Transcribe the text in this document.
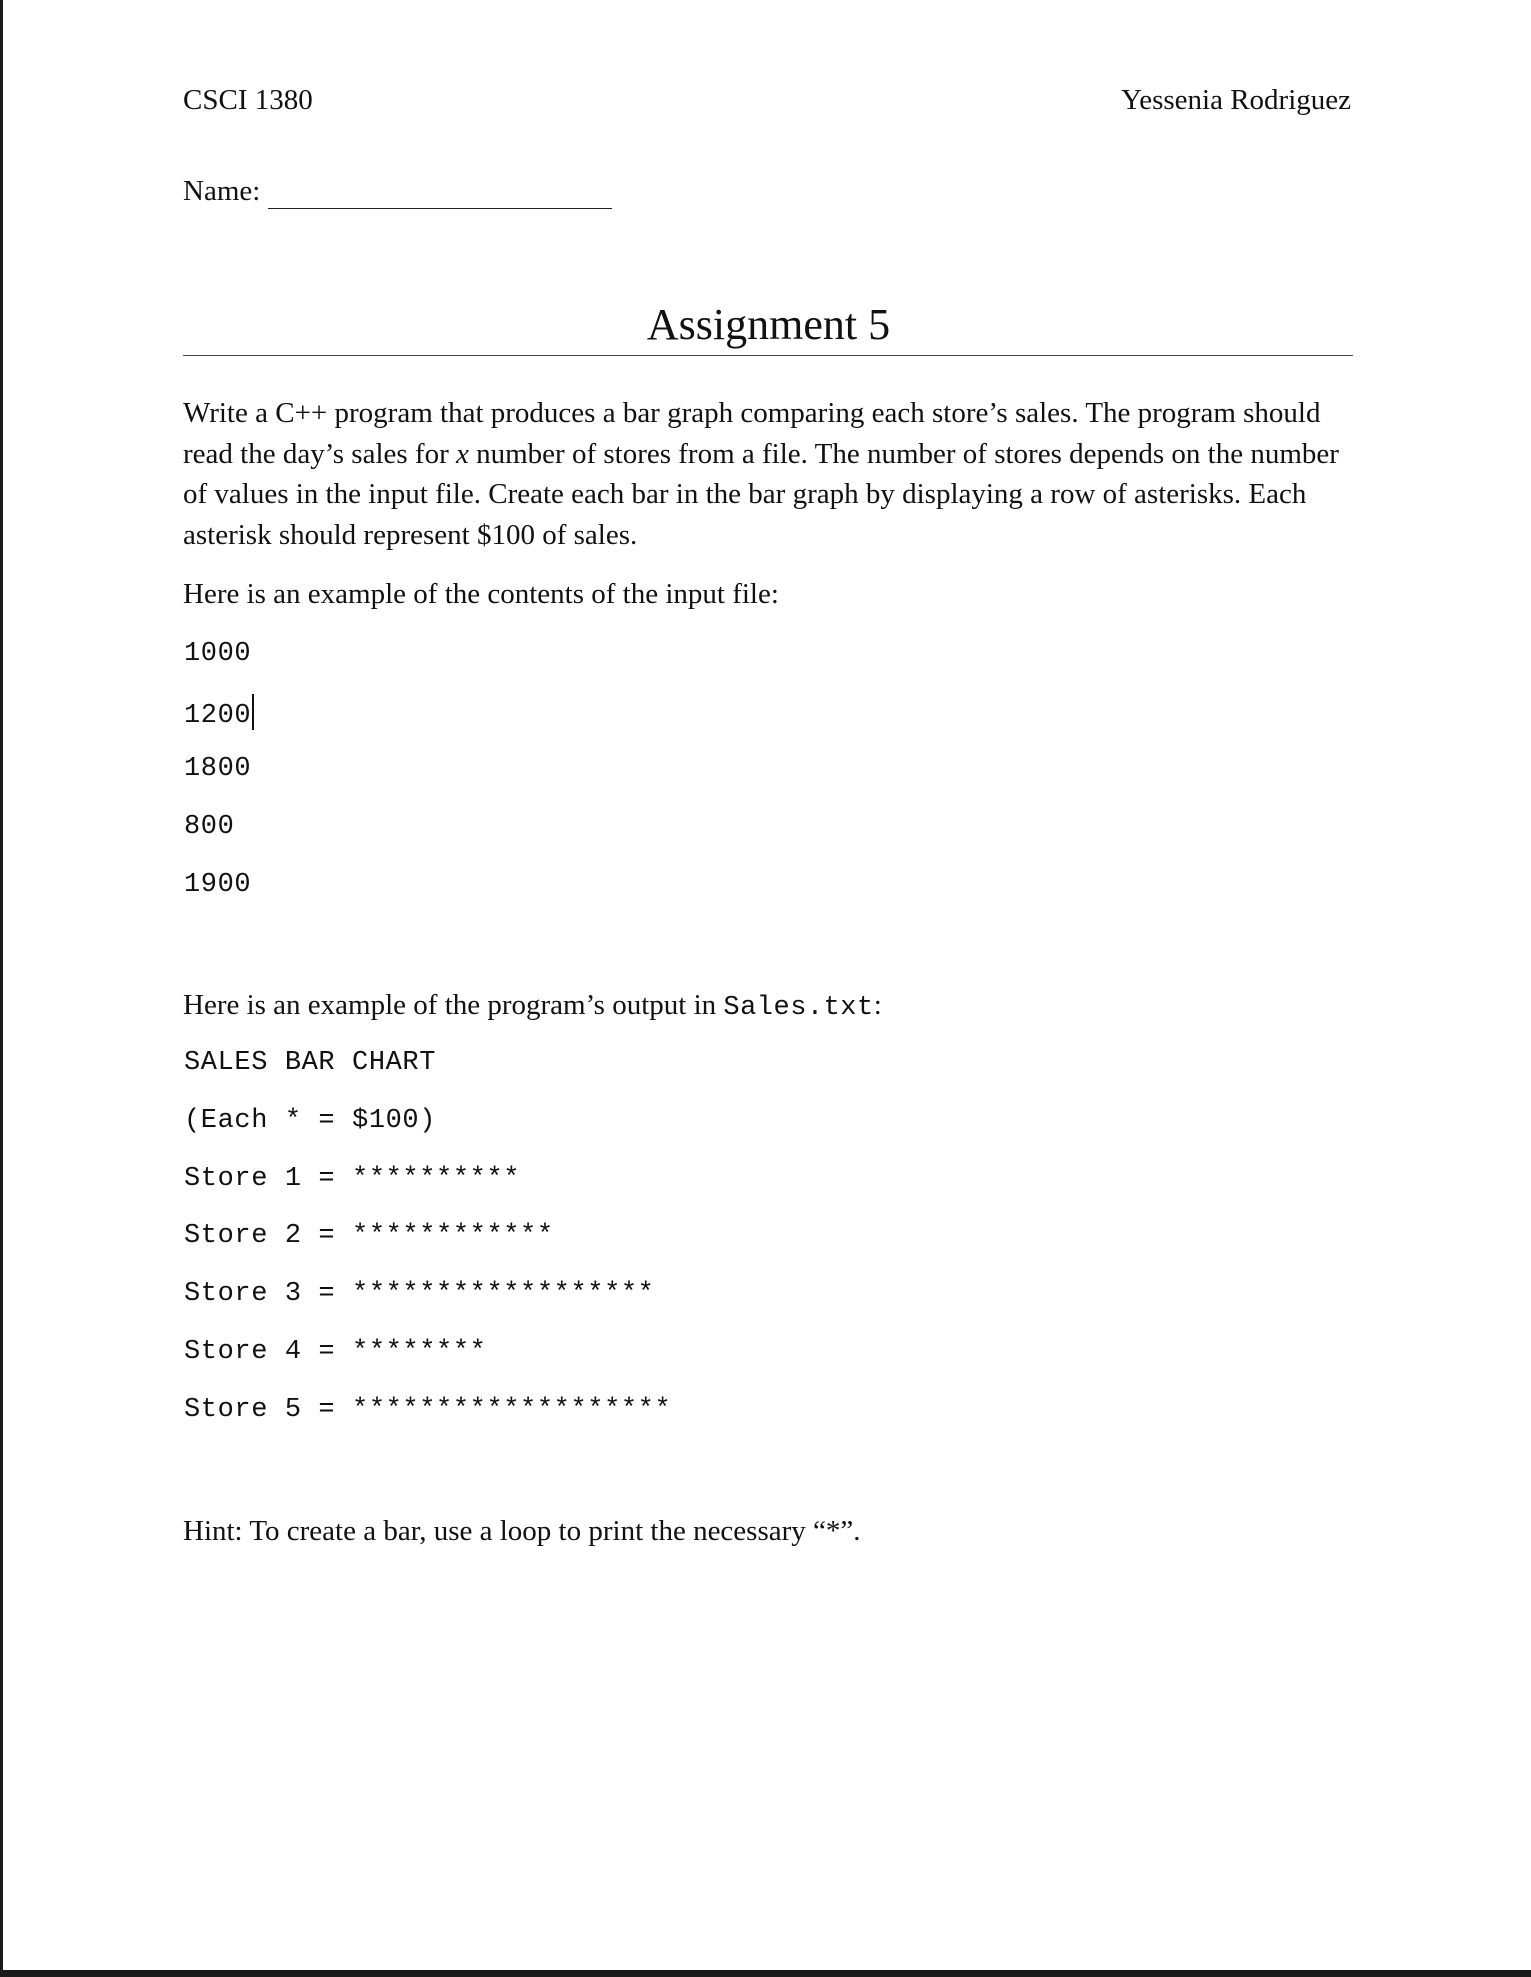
CSCI 1380	Yessenia Rodriguez
Name:
Assignment 5

Write a C++ program that produces a bar graph comparing each store’s sales. The program should read the day’s sales for x number of stores from a file. The number of stores depends on the number of values in the input file. Create each bar in the bar graph by displaying a row of asterisks. Each asterisk should represent $100 of sales.

Here is an example of the contents of the input file:
1000
1200
1800
800
1900
Here is an example of the program’s output in Sales.txt:
SALES BAR CHART
(Each * = $100)
Store 1 = **********
Store 2 = ************
Store 3 = ******************
Store 4 = ********
Store 5 = *******************
Hint: To create a bar, use a loop to print the necessary “*”.
